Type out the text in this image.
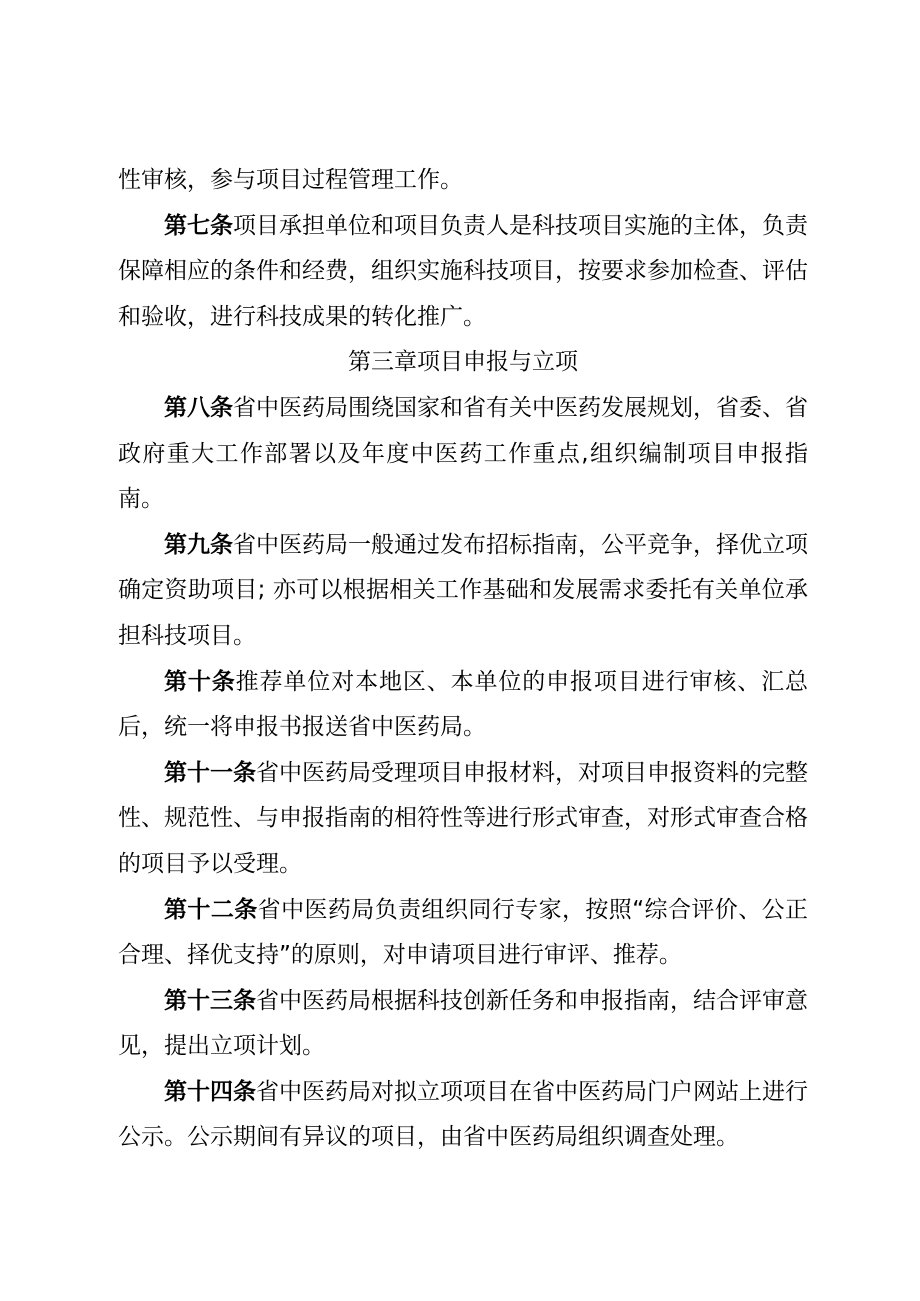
性审核，参与项目过程管理工作。

第七条项目承担单位和项目负责人是科技项目实施的主体，负责保障相应的条件和经费，组织实施科技项目，按要求参加检查、评估和验收，进行科技成果的转化推广。

第三章项目申报与立项

第八条省中医药局围绕国家和省有关中医药发展规划，省委、省政府重大工作部署以及年度中医药工作重点,组织编制项目申报指南。

第九条省中医药局一般通过发布招标指南，公平竞争，择优立项确定资助项目; 亦可以根据相关工作基础和发展需求委托有关单位承担科技项目。

第十条推荐单位对本地区、本单位的申报项目进行审核、汇总后，统一将申报书报送省中医药局。

第十一条省中医药局受理项目申报材料，对项目申报资料的完整性、规范性、与申报指南的相符性等进行形式审查，对形式审查合格的项目予以受理。

第十二条省中医药局负责组织同行专家，按照“综合评价、公正合理、择优支持”的原则，对申请项目进行审评、推荐。

第十三条省中医药局根据科技创新任务和申报指南，结合评审意见，提出立项计划。

第十四条省中医药局对拟立项项目在省中医药局门户网站上进行公示。公示期间有异议的项目，由省中医药局组织调查处理。
